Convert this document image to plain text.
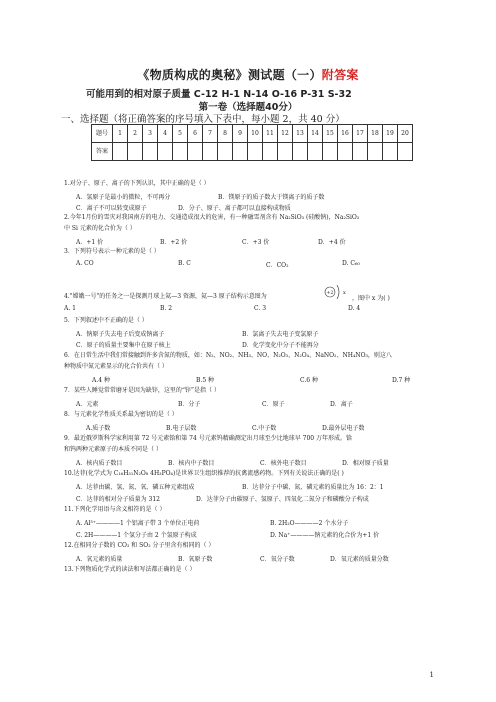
《物质构成的奥秘》测试题（一）附答案
可能用到的相对原子质量 C-12 H-1 N-14 O-16 P-31 S-32
第一卷（选择题40分）
一、选择题（将正确答案的序号填入下表中，每小题 2，共 40 分）
题号	1	2	3	4	5	6	7	8	9	10	11	12	13	14	15	16	17	18	19	20
答案																				
1.对分子、原子、离子的下列认识，其中正确的是（ ）
A．氢原子是最小的微粒，不可再分	B．镁原子的质子数大于镁离子的质子数
C．离子不可以转变成原子	D．分子、原子、离子都可以直接构成物质
2.今年1月份的雪灾对我国南方的电力、交通造成很大的危害，有一种融雪剂含有 Na₂SiO₃ (硅酸钠)，Na₂SiO₃
中 Si 元素的化合价为（ ）
A．+1 价	B．+2 价	C．+3 价	D．+4 价
3．下列符号表示一种元素的是（ ）
A. CO	B. C	C．CO₂	D. C₆₀
+2 x
4."嫦娥一号"的任务之一是探测月球上氦—3 资源，氦—3 原子结构示意图为	，图中 x 为( )
A. 1	B. 2	C. 3	D. 4
5．下列叙述中不正确的是（ ）
A．钠原子失去电子后变成钠离子	B．氯离子失去电子变氯原子
C．原子的质量主要集中在原子核上	D．化学变化中分子不能再分
6．在日常生活中我们常接触到许多含氮的物质，如：N₂、NO₂、NH₃、NO、N₂O₃、N₂O₄、NaNO₂、NH₄NO₃，则这八
种物质中氮元素显示的化合价共有（ ）
A.4 种	B.5 种	C.6 种	D.7 种
7．某些人睡觉常常磨牙是因为缺锌，这里的“锌”是指（ ）
A．元素	B．分子	C．原子	D．离子
8．与元素化学性质关系最为密切的是（ ）
A.质子数	B.电子层数	C.中子数	D.最外层电子数
9．最近俄罗斯科学家利用第 72 号元素铪和第 74 号元素钨精确测定出月球至少比地球早 700 万年形成。铪
和钨两种元素原子的本质不同是（ ）
A．核内质子数目	B．核内中子数目	C．核外电子数目	D．相对原子质量
10.达菲(化学式为 C₁₆H₃₁N₂O₈ 4H₃PO₄)是世界卫生组织推荐的抗禽流感药物。下列有关说法正确的是( )
A．达菲由碳、氢、氮、氧、磷五种元素组成	B．达菲分子中碳、氮、磷元素的质量比为 16：2：1
C．达菲的相对分子质量为 312	D．达菲分子由碳原子、氢原子、四氧化二氮分子和磷酸分子构成
11.下列化学用语与含义相符的是（ ）
A. Al³⁺————1 个铝离子带 3 个单位正电荷	B. 2H₂O————2 个水分子
C. 2H————1 个氢分子由 2 个氢原子构成	D. Na⁺————钠元素的化合价为+1 价
12.在相同分子数的 CO₂ 和 SO₂ 分子里含有相同的（ ）
A．氧元素的质量	B．氧原子数	C．氧分子数	D．氧元素的质量分数
13.下列物质化学式的读法和写法都正确的是（ ）
1
